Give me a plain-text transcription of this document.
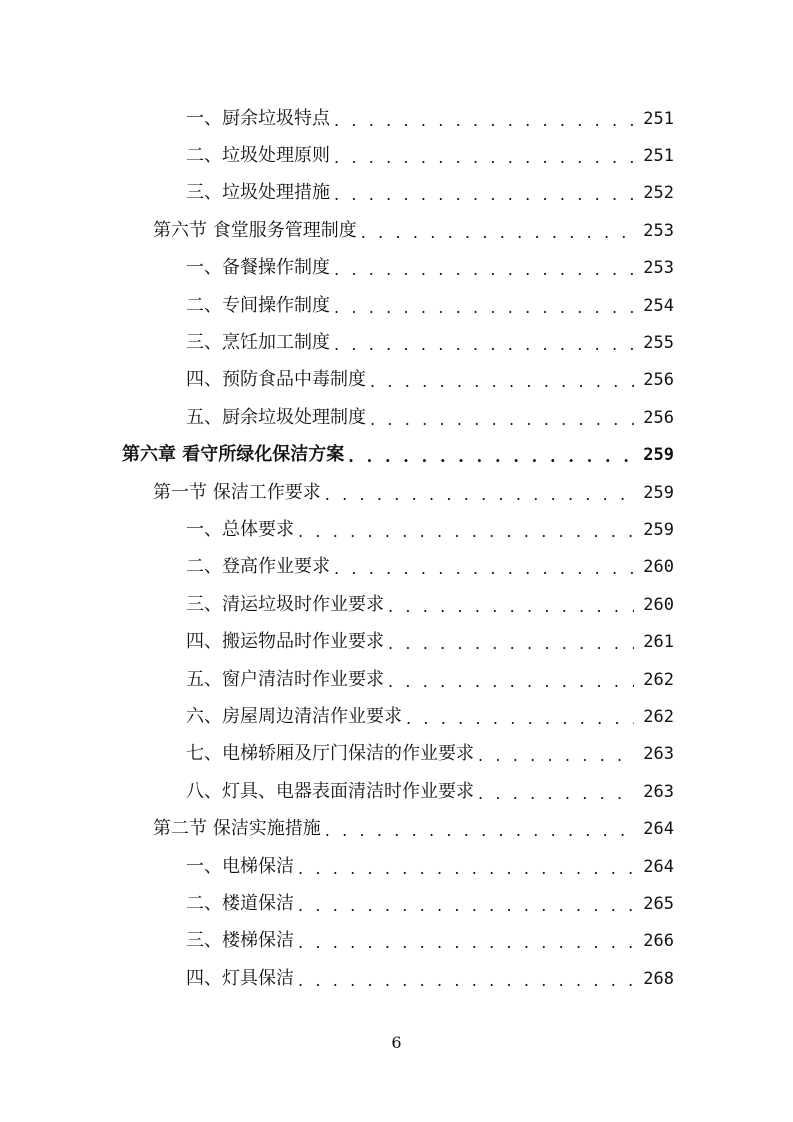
一、厨余垃圾特点 . . .	251
二、垃圾处理原则 . . .	251
三、垃圾处理措施 . . .	252
第六节 食堂服务管理制度 . . .	253
一、备餐操作制度 . . .	253
二、专间操作制度 . . .	254
三、烹饪加工制度 . . .	255
四、预防食品中毒制度 . . .	256
五、厨余垃圾处理制度 . . .	256
第六章 看守所绿化保洁方案 . . .	259
第一节 保洁工作要求 . . .	259
一、总体要求 . . .	259
二、登高作业要求 . . .	260
三、清运垃圾时作业要求 . . .	260
四、搬运物品时作业要求 . . .	261
五、窗户清洁时作业要求 . . .	262
六、房屋周边清洁作业要求 . . .	262
七、电梯轿厢及厅门保洁的作业要求 . . .	263
八、灯具、电器表面清洁时作业要求 . . .	263
第二节 保洁实施措施 . . .	264
一、电梯保洁 . . .	264
二、楼道保洁 . . .	265
三、楼梯保洁 . . .	266
四、灯具保洁 . . .	268
6
